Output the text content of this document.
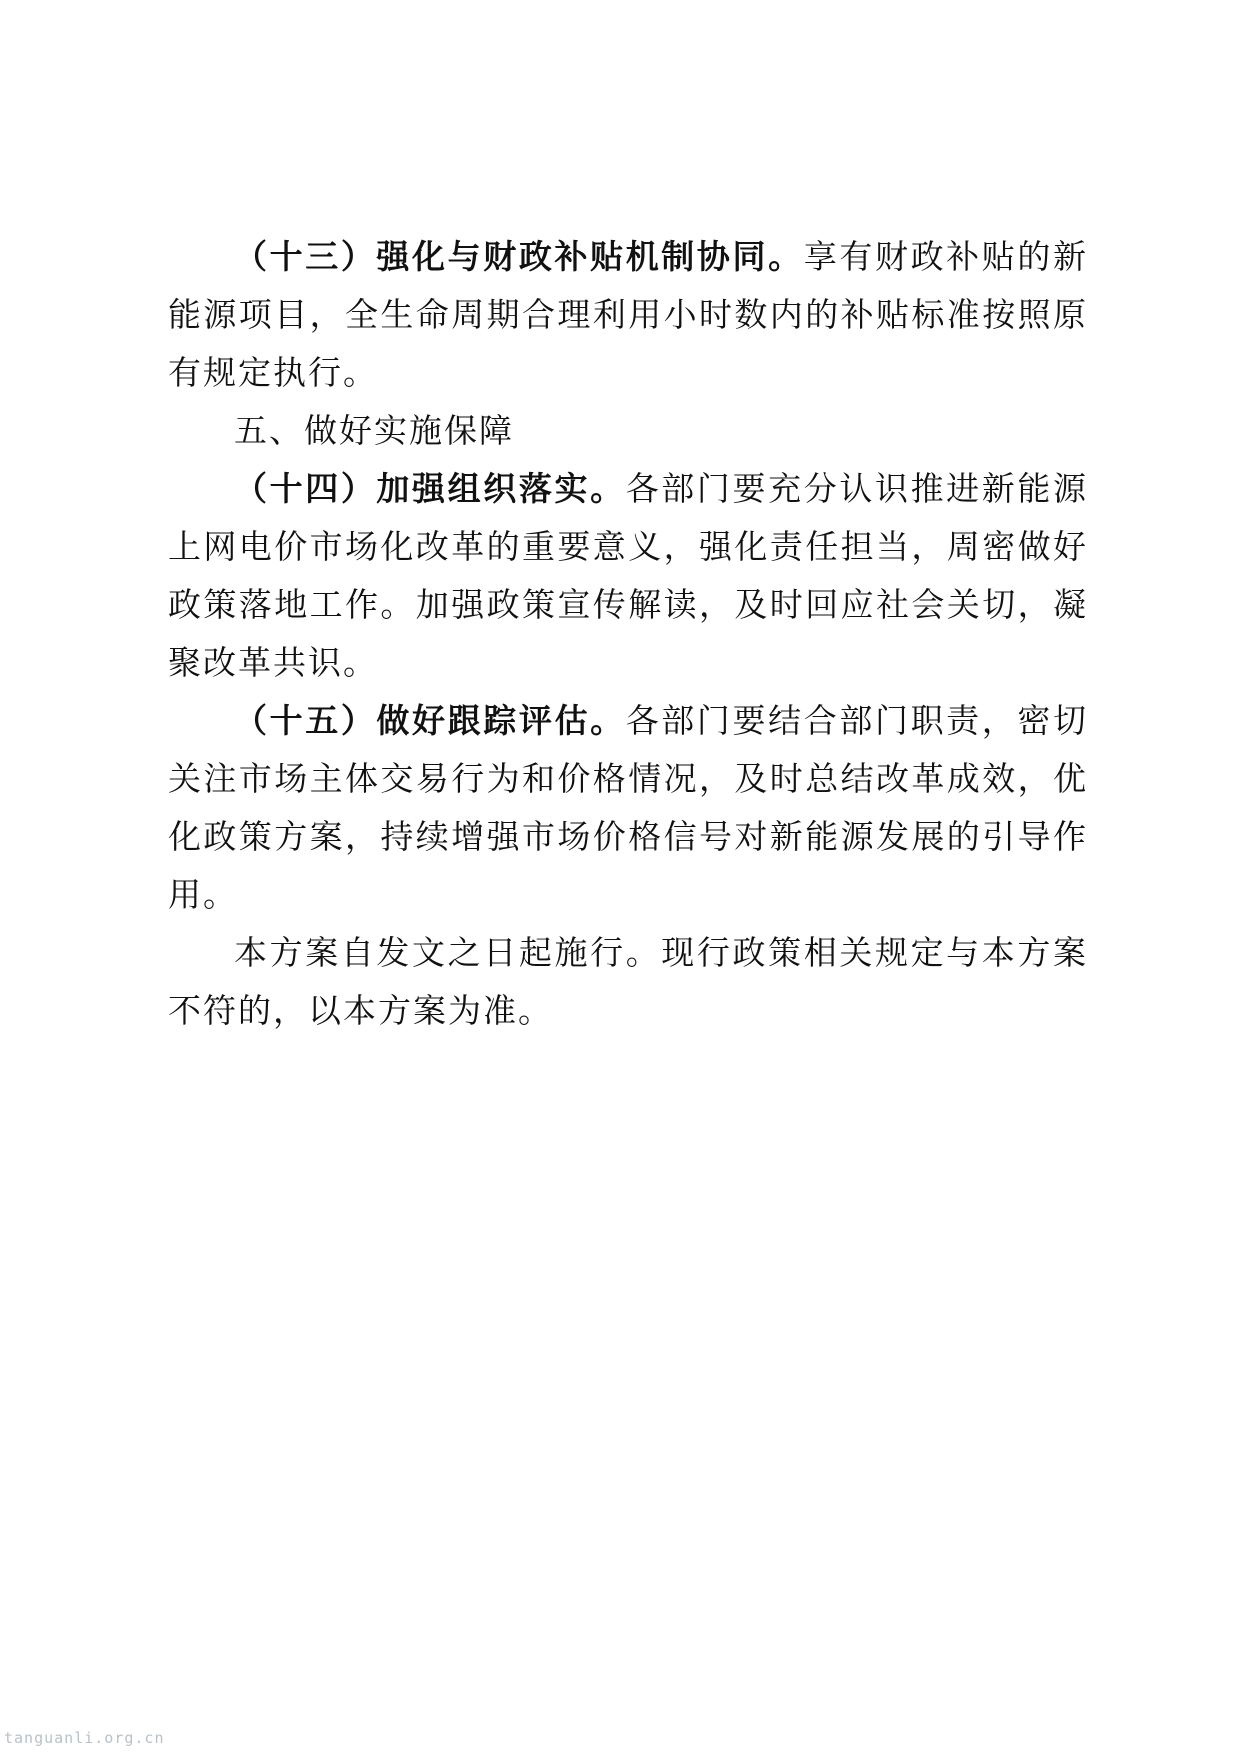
（十三）强化与财政补贴机制协同。享有财政补贴的新能源项目，全生命周期合理利用小时数内的补贴标准按照原有规定执行。

五、做好实施保障

（十四）加强组织落实。各部门要充分认识推进新能源上网电价市场化改革的重要意义，强化责任担当，周密做好政策落地工作。加强政策宣传解读，及时回应社会关切，凝聚改革共识。

（十五）做好跟踪评估。各部门要结合部门职责，密切关注市场主体交易行为和价格情况，及时总结改革成效，优化政策方案，持续增强市场价格信号对新能源发展的引导作用。

本方案自发文之日起施行。现行政策相关规定与本方案不符的，以本方案为准。

tanguanli.org.cn
